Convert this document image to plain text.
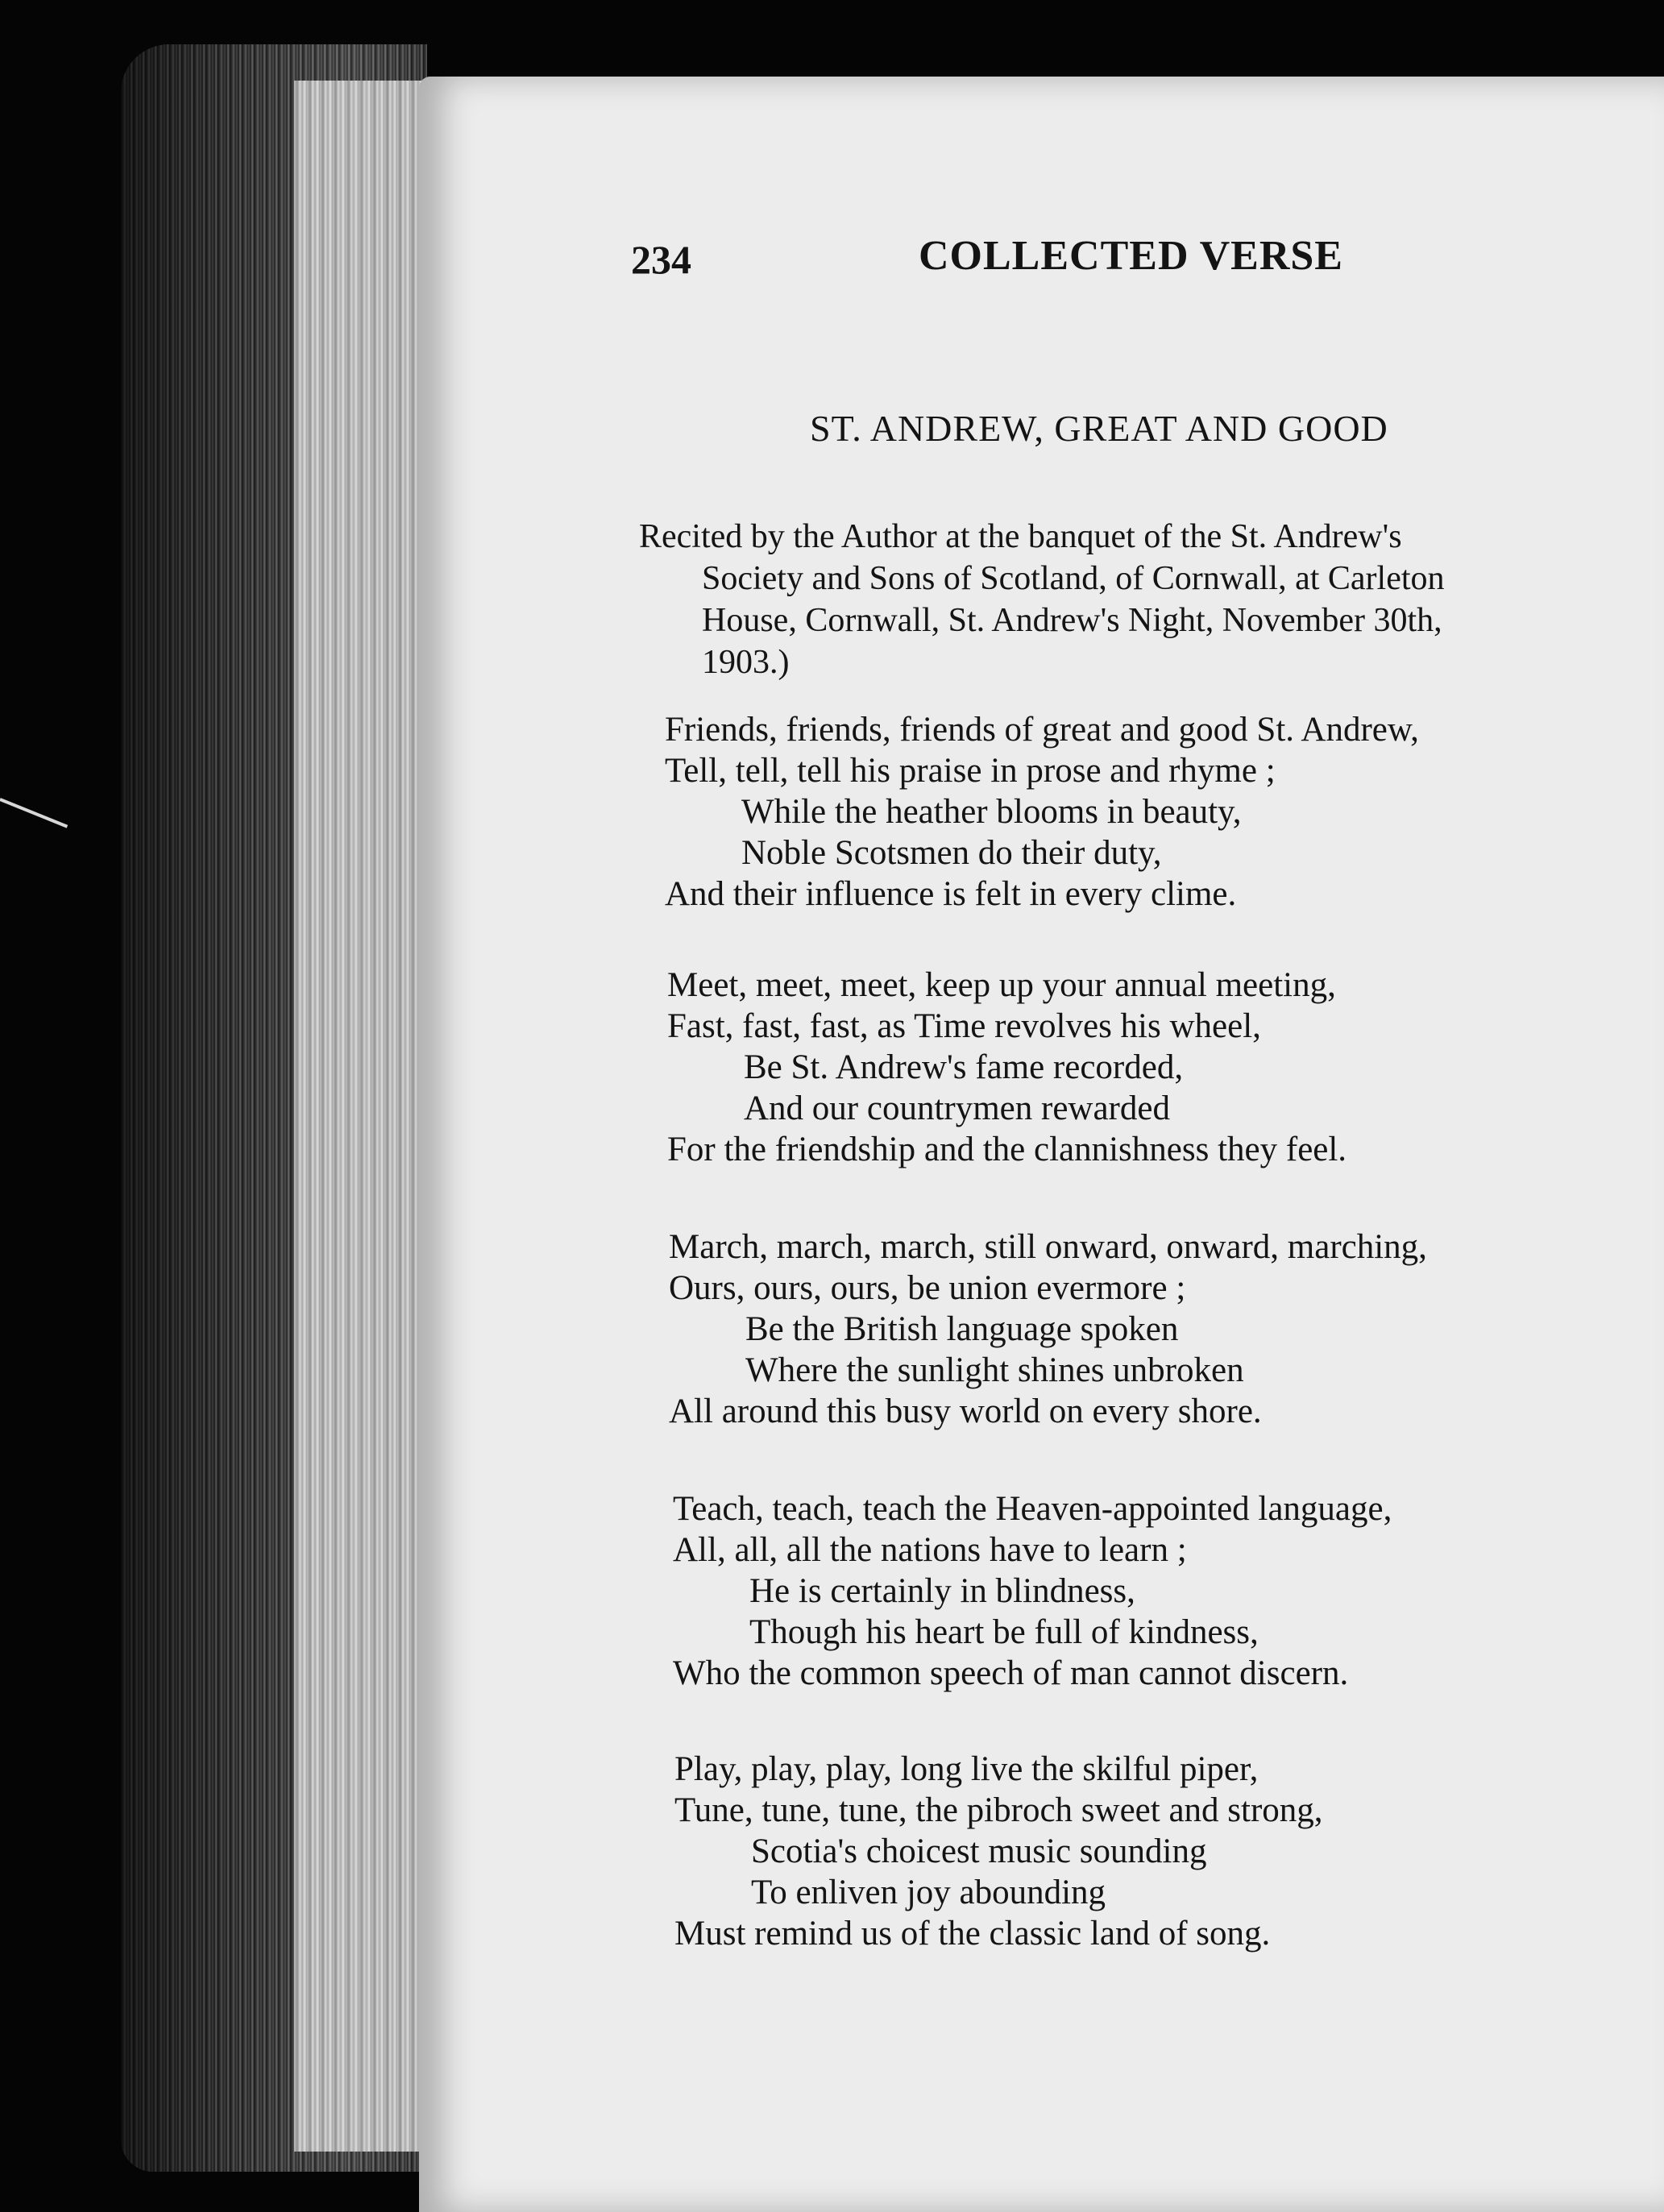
234	COLLECTED VERSE
ST. ANDREW, GREAT AND GOOD
Recited by the Author at the banquet of the St. Andrew's
Society and Sons of Scotland, of Cornwall, at Carleton
House, Cornwall, St. Andrew's Night, November 30th,
1903.)
Friends, friends, friends of great and good St. Andrew,
Tell, tell, tell his praise in prose and rhyme ;
While the heather blooms in beauty,
Noble Scotsmen do their duty,
And their influence is felt in every clime.
Meet, meet, meet, keep up your annual meeting,
Fast, fast, fast, as Time revolves his wheel,
Be St. Andrew's fame recorded,
And our countrymen rewarded
For the friendship and the clannishness they feel.
March, march, march, still onward, onward, marching,
Ours, ours, ours, be union evermore ;
Be the British language spoken
Where the sunlight shines unbroken
All around this busy world on every shore.
Teach, teach, teach the Heaven-appointed language,
All, all, all the nations have to learn ;
He is certainly in blindness,
Though his heart be full of kindness,
Who the common speech of man cannot discern.
Play, play, play, long live the skilful piper,
Tune, tune, tune, the pibroch sweet and strong,
Scotia's choicest music sounding
To enliven joy abounding
Must remind us of the classic land of song.
